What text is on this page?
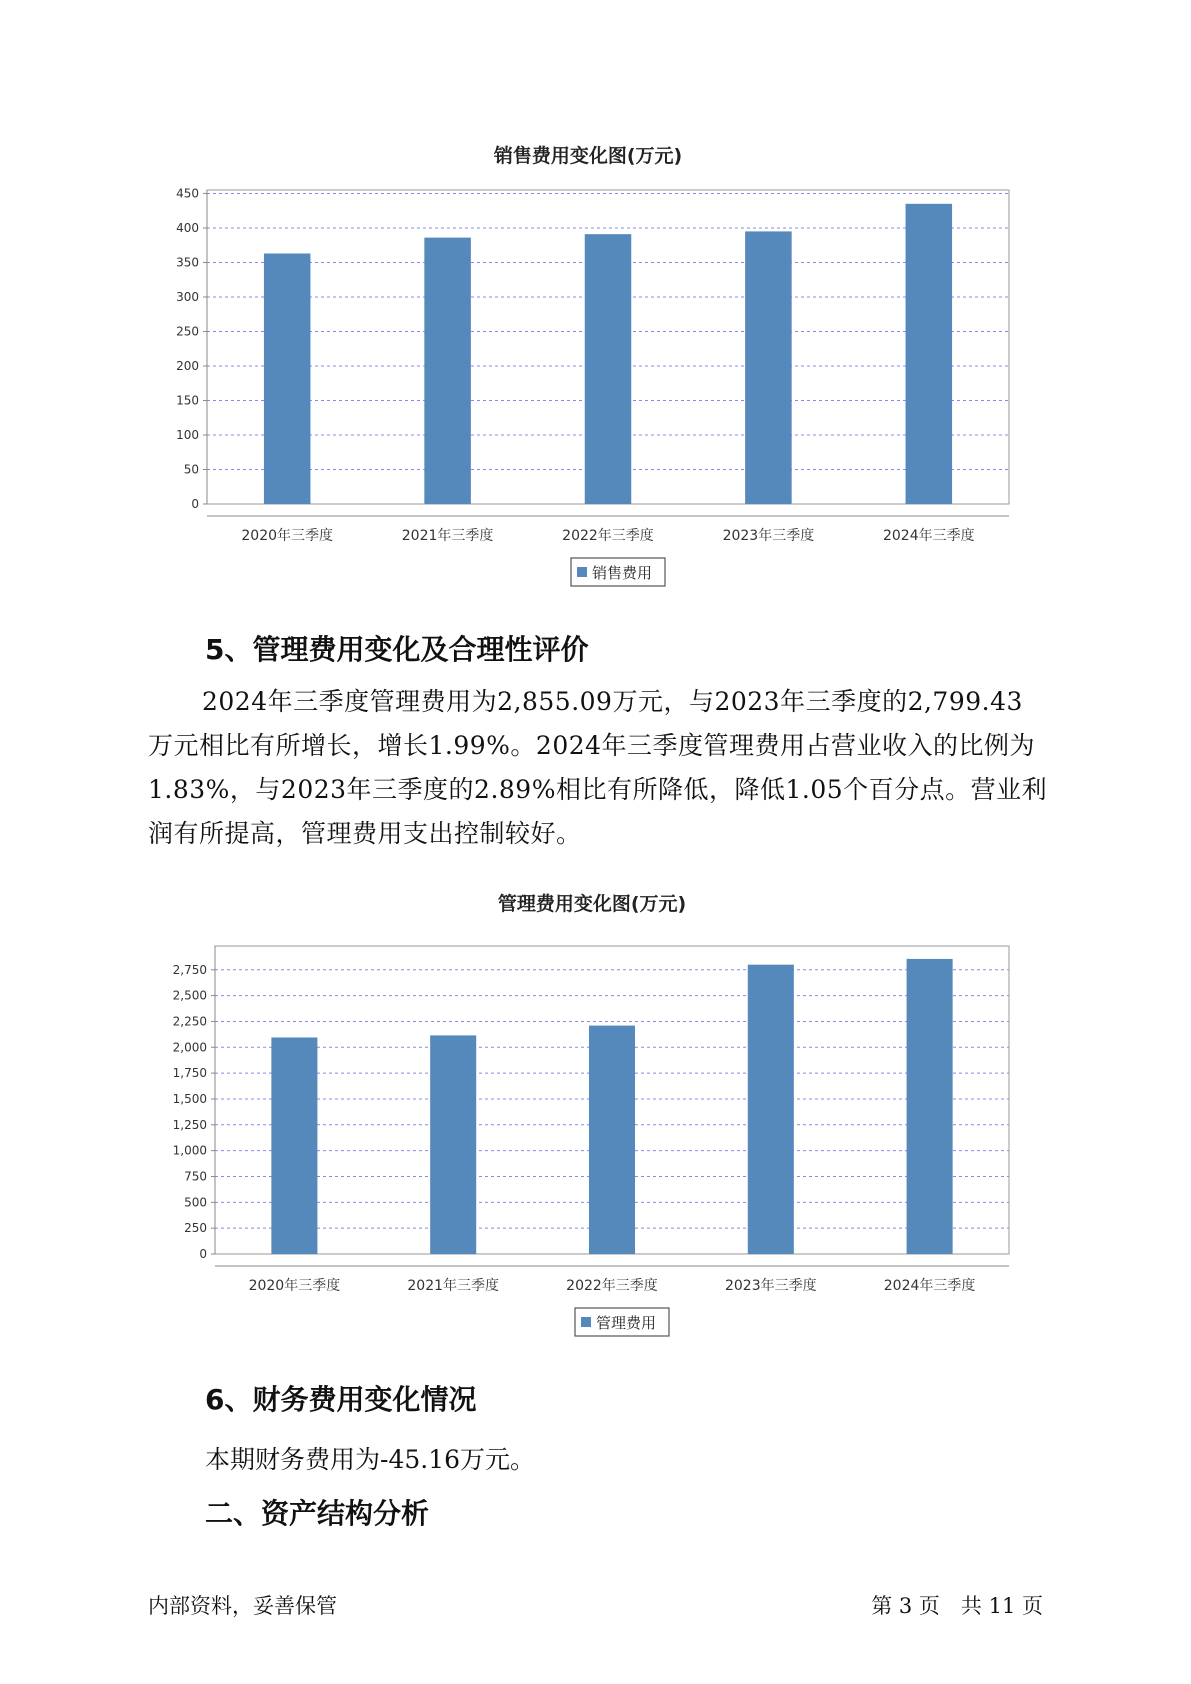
销售费用变化图(万元)
0
50
100
150
200
250
300
350
400
450
2020年三季度	2021年三季度	2022年三季度	2023年三季度	2024年三季度
销售费用
5、管理费用变化及合理性评价

2024年三季度管理费用为2,855.09万元，与2023年三季度的2,799.43万元相比有所增长，增长1.99%。2024年三季度管理费用占营业收入的比例为1.83%，与2023年三季度的2.89%相比有所降低，降低1.05个百分点。营业利润有所提高，管理费用支出控制较好。

管理费用变化图(万元)
0
250
500
750
1,000
1,250
1,500
1,750
2,000
2,250
2,500
2,750
2020年三季度	2021年三季度	2022年三季度	2023年三季度	2024年三季度
管理费用
6、财务费用变化情况

本期财务费用为-45.16万元。

二、资产结构分析

内部资料，妥善保管	第 3 页　共 11 页
